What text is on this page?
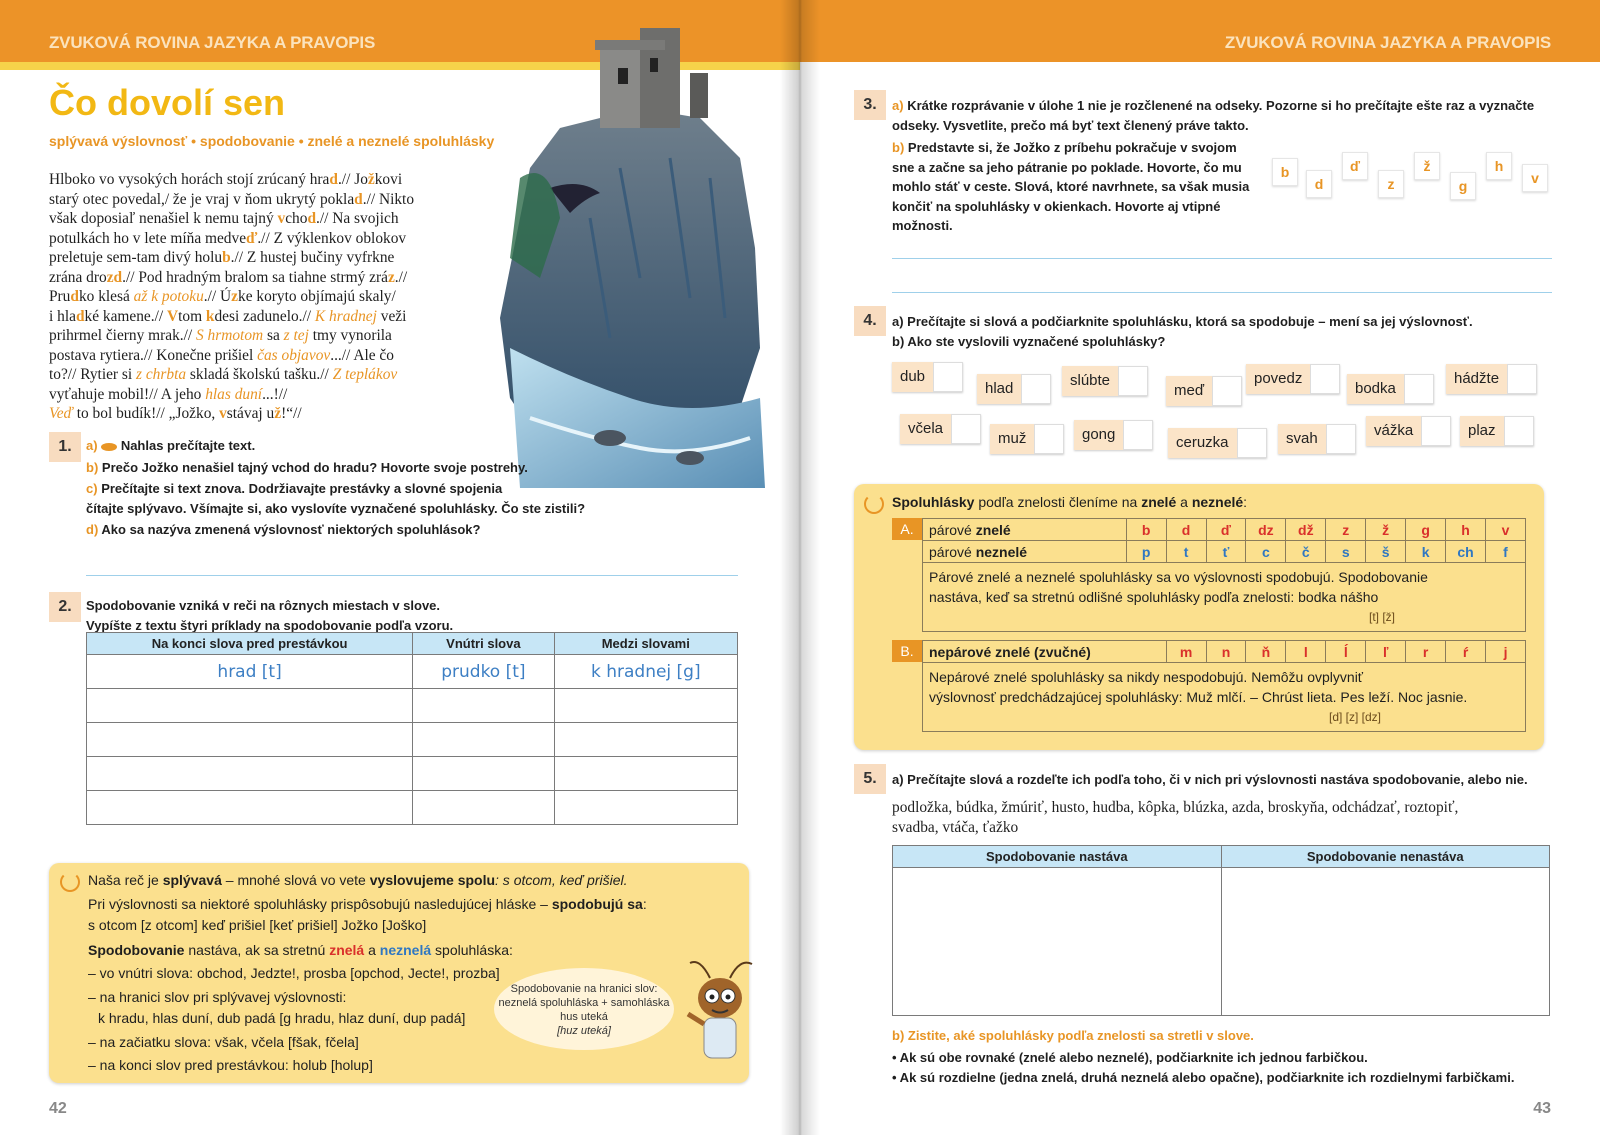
ZVUKOVÁ ROVINA JAZYKA A PRAVOPIS
Čo dovolí sen
splývavá výslovnosť • spodobovanie • znelé a neznelé spoluhlásky
Hlboko vo vysokých horách stojí zrúcaný hrad.// Jožkovi
starý otec povedal,/ že je vraj v ňom ukrytý poklad.// Nikto
však doposiaľ nenašiel k nemu tajný vchod.// Na svojich
potulkách ho v lete míňa medveď.// Z výklenkov oblokov
preletuje sem-tam divý holub.// Z hustej bučiny vyfrkne
zrána drozd.// Pod hradným bralom sa tiahne strmý zráz.//
Prudko klesá až k potoku.// Úzke koryto objímajú skaly/
i hladké kamene.// Vtom kdesi zadunelo.// K hradnej veži
prihrmel čierny mrak.// S hrmotom sa z tej tmy vynorila
postava rytiera.// Konečne prišiel čas objavov...// Ale čo
to?// Rytier si z chrbta skladá školskú tašku.// Z teplákov
vyťahuje mobil!// A jeho hlas duní...!//
Veď to bol budík!// „Jožko, vstávaj už!“//
1.	a) Nahlas prečítajte text.
b) Prečo Jožko nenašiel tajný vchod do hradu? Hovorte svoje postrehy.
c) Prečítajte si text znova. Dodržiavajte prestávky a slovné spojenia
čítajte splývavo. Všímajte si, ako vyslovíte vyznačené spoluhlásky. Čo ste zistili?
d) Ako sa nazýva zmenená výslovnosť niektorých spoluhlások?
2.	Spodobovanie vzniká v reči na rôznych miestach v slove.
Vypíšte z textu štyri príklady na spodobovanie podľa vzoru.
Na konci slova pred prestávkou	Vnútri slova	Medzi slovami
hrad [t]	prudko [t]	k hradnej [g]

Naša reč je splývavá – mnohé slová vo vete vyslovujeme spolu: s otcom, keď prišiel.
Pri výslovnosti sa niektoré spoluhlásky prispôsobujú nasledujúcej hláske – spodobujú sa:
s otcom [z otcom] keď prišiel [keť prišiel] Jožko [Joško]
Spodobovanie nastáva, ak sa stretnú znelá a neznelá spoluhláska:
– vo vnútri slova: obchod, Jedzte!, prosba [opchod, Jecte!, prozba]
– na hranici slov pri splývavej výslovnosti:
k hradu, hlas duní, dub padá [g hradu, hlaz duní, dup padá]
– na začiatku slova: však, včela [fšak, fčela]
– na konci slov pred prestávkou: holub [holup]
Spodobovanie na hranici slov:
neznelá spoluhláska + samohláska
hus uteká
[huz uteká]
42
ZVUKOVÁ ROVINA JAZYKA A PRAVOPIS
3.	a) Krátke rozprávanie v úlohe 1 nie je rozčlenené na odseky. Pozorne si ho prečítajte ešte raz a vyznačte
odseky. Vysvetlite, prečo má byť text členený práve takto.
b) Predstavte si, že Jožko z príbehu pokračuje v svojom
sne a začne sa jeho pátranie po poklade. Hovorte, čo mu
mohlo stáť v ceste. Slová, ktoré navrhnete, sa však musia
končiť na spoluhlásky v okienkach. Hovorte aj vtipné
možnosti.
b
d
ď
z
ž
g
h
v
4.	a) Prečítajte si slová a podčiarknite spoluhlásku, ktorá sa spodobuje – mení sa jej výslovnosť.
b) Ako ste vyslovili vyznačené spoluhlásky?
dub
hlad	slúbte
meď
povedz
bodka
hádžte
včela
muž	gong	ceruzka	svah	vážka	plaz
Spoluhlásky podľa znelosti členíme na znelé a neznelé:
A.	párové znelé	b	d	ď	dz	dž	z	ž	g	h	v
párové neznelé	p	t	ť	c	č	s	š	k	ch	f

Párové znelé a neznelé spoluhlásky sa vo výslovnosti spodobujú. Spodobovanie
nastáva, keď sa stretnú odlišné spoluhlásky podľa znelosti: bodka nášho
[t] [ž]										
B.	nepárové znelé (zvučné)	m	n	ň	l	ĺ	ľ	r	ŕ	j

Nepárové znelé spoluhlásky sa nikdy nespodobujú. Nemôžu ovplyvniť
výslovnosť predchádzajúcej spoluhlásky: Muž mlčí. – Chrúst lieta. Pes leží. Noc jasnie.
[d] [z] [dz]
5.	a) Prečítajte slová a rozdeľte ich podľa toho, či v nich pri výslovnosti nastáva spodobovanie, alebo nie.
podložka, búdka, žmúriť, husto, hudba, kôpka, blúzka, azda, broskyňa, odchádzať, roztopiť,
svadba, vtáča, ťažko
Spodobovanie nastáva	Spodobovanie nenastáva

b) Zistite, aké spoluhlásky podľa znelosti sa stretli v slove.
• Ak sú obe rovnaké (znelé alebo neznelé), podčiarknite ich jednou farbičkou.
• Ak sú rozdielne (jedna znelá, druhá neznelá alebo opačne), podčiarknite ich rozdielnymi farbičkami.
43
